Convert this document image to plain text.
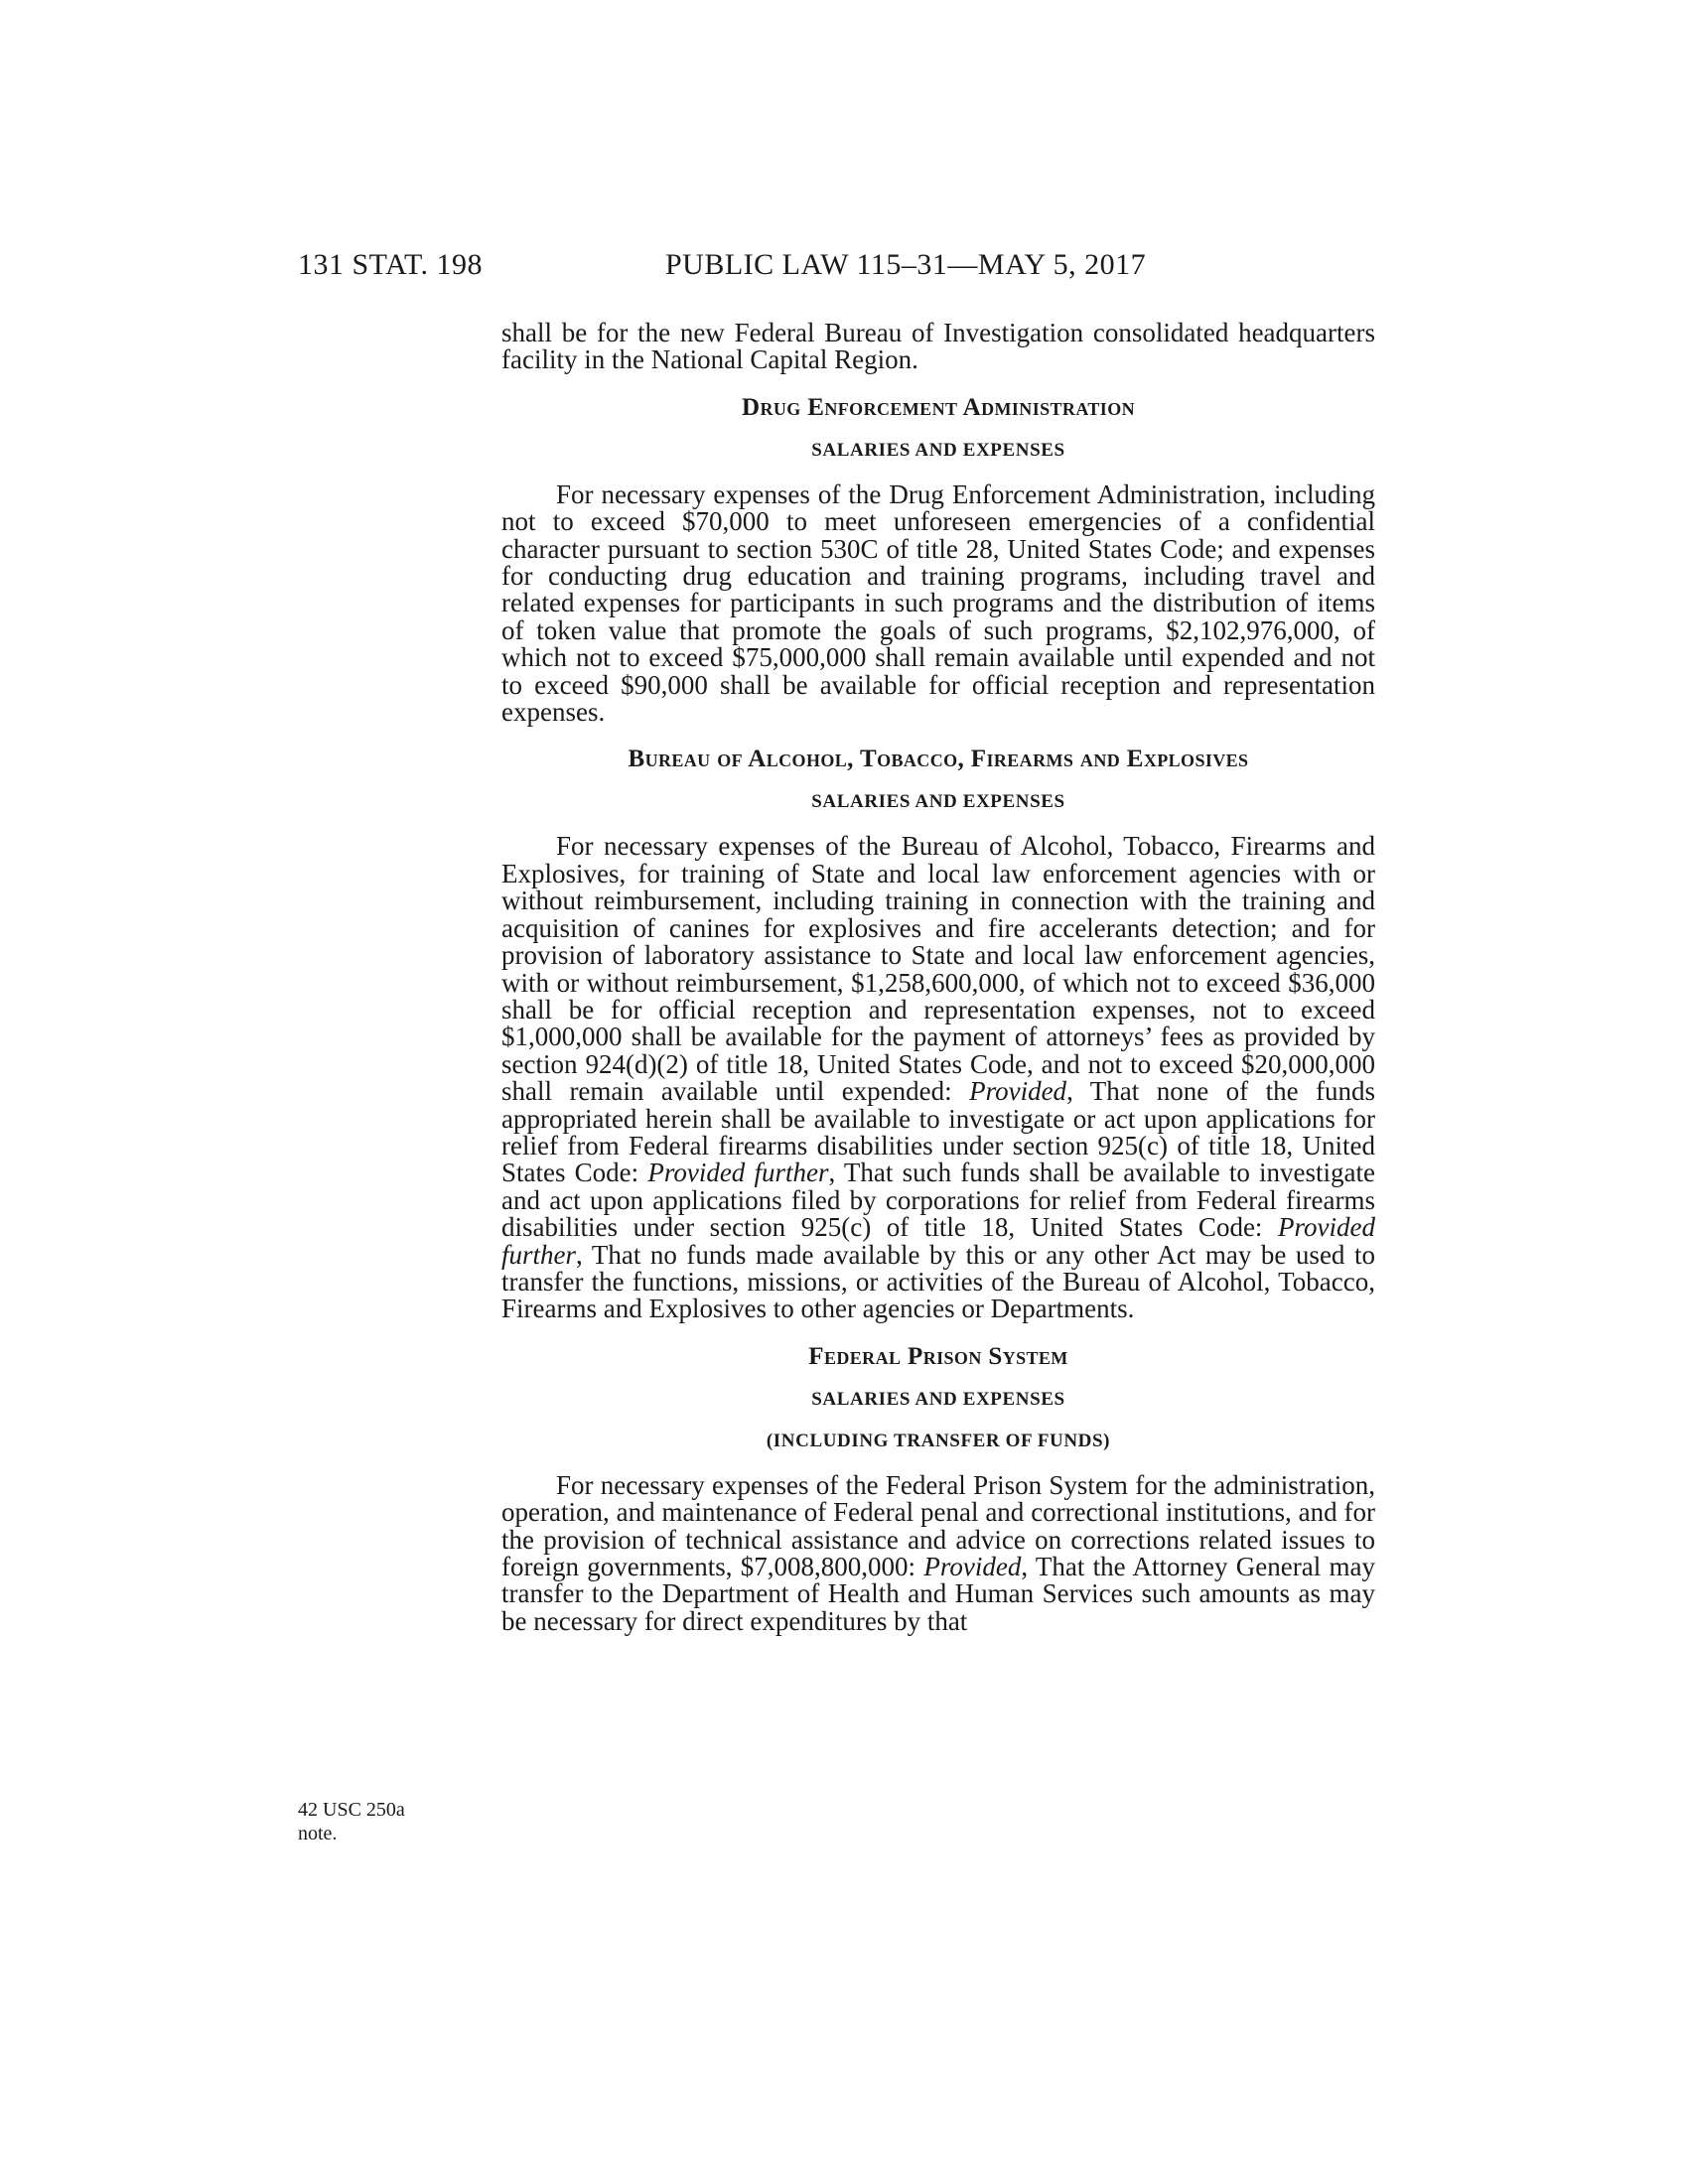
131 STAT. 198	PUBLIC LAW 115–31—MAY 5, 2017
42 USC 250a
note.

shall be for the new Federal Bureau of Investigation consolidated headquarters facility in the National Capital Region.

Drug Enforcement Administration
SALARIES AND EXPENSES

For necessary expenses of the Drug Enforcement Administration, including not to exceed $70,000 to meet unforeseen emergencies of a confidential character pursuant to section 530C of title 28, United States Code; and expenses for conducting drug education and training programs, including travel and related expenses for participants in such programs and the distribution of items of token value that promote the goals of such programs, $2,102,976,000, of which not to exceed $75,000,000 shall remain available until expended and not to exceed $90,000 shall be available for official reception and representation expenses.

Bureau of Alcohol, Tobacco, Firearms and Explosives
SALARIES AND EXPENSES

For necessary expenses of the Bureau of Alcohol, Tobacco, Firearms and Explosives, for training of State and local law enforcement agencies with or without reimbursement, including training in connection with the training and acquisition of canines for explosives and fire accelerants detection; and for provision of laboratory assistance to State and local law enforcement agencies, with or without reimbursement, $1,258,600,000, of which not to exceed $36,000 shall be for official reception and representation expenses, not to exceed $1,000,000 shall be available for the payment of attorneys’ fees as provided by section 924(d)(2) of title 18, United States Code, and not to exceed $20,000,000 shall remain available until expended: Provided, That none of the funds appropriated herein shall be available to investigate or act upon applications for relief from Federal firearms disabilities under section 925(c) of title 18, United States Code: Provided further, That such funds shall be available to investigate and act upon applications filed by corporations for relief from Federal firearms disabilities under section 925(c) of title 18, United States Code: Provided further, That no funds made available by this or any other Act may be used to transfer the functions, missions, or activities of the Bureau of Alcohol, Tobacco, Firearms and Explosives to other agencies or Departments.

Federal Prison System
SALARIES AND EXPENSES
(INCLUDING TRANSFER OF FUNDS)

For necessary expenses of the Federal Prison System for the administration, operation, and maintenance of Federal penal and correctional institutions, and for the provision of technical assistance and advice on corrections related issues to foreign governments, $7,008,800,000: Provided, That the Attorney General may transfer to the Department of Health and Human Services such amounts as may be necessary for direct expenditures by that
